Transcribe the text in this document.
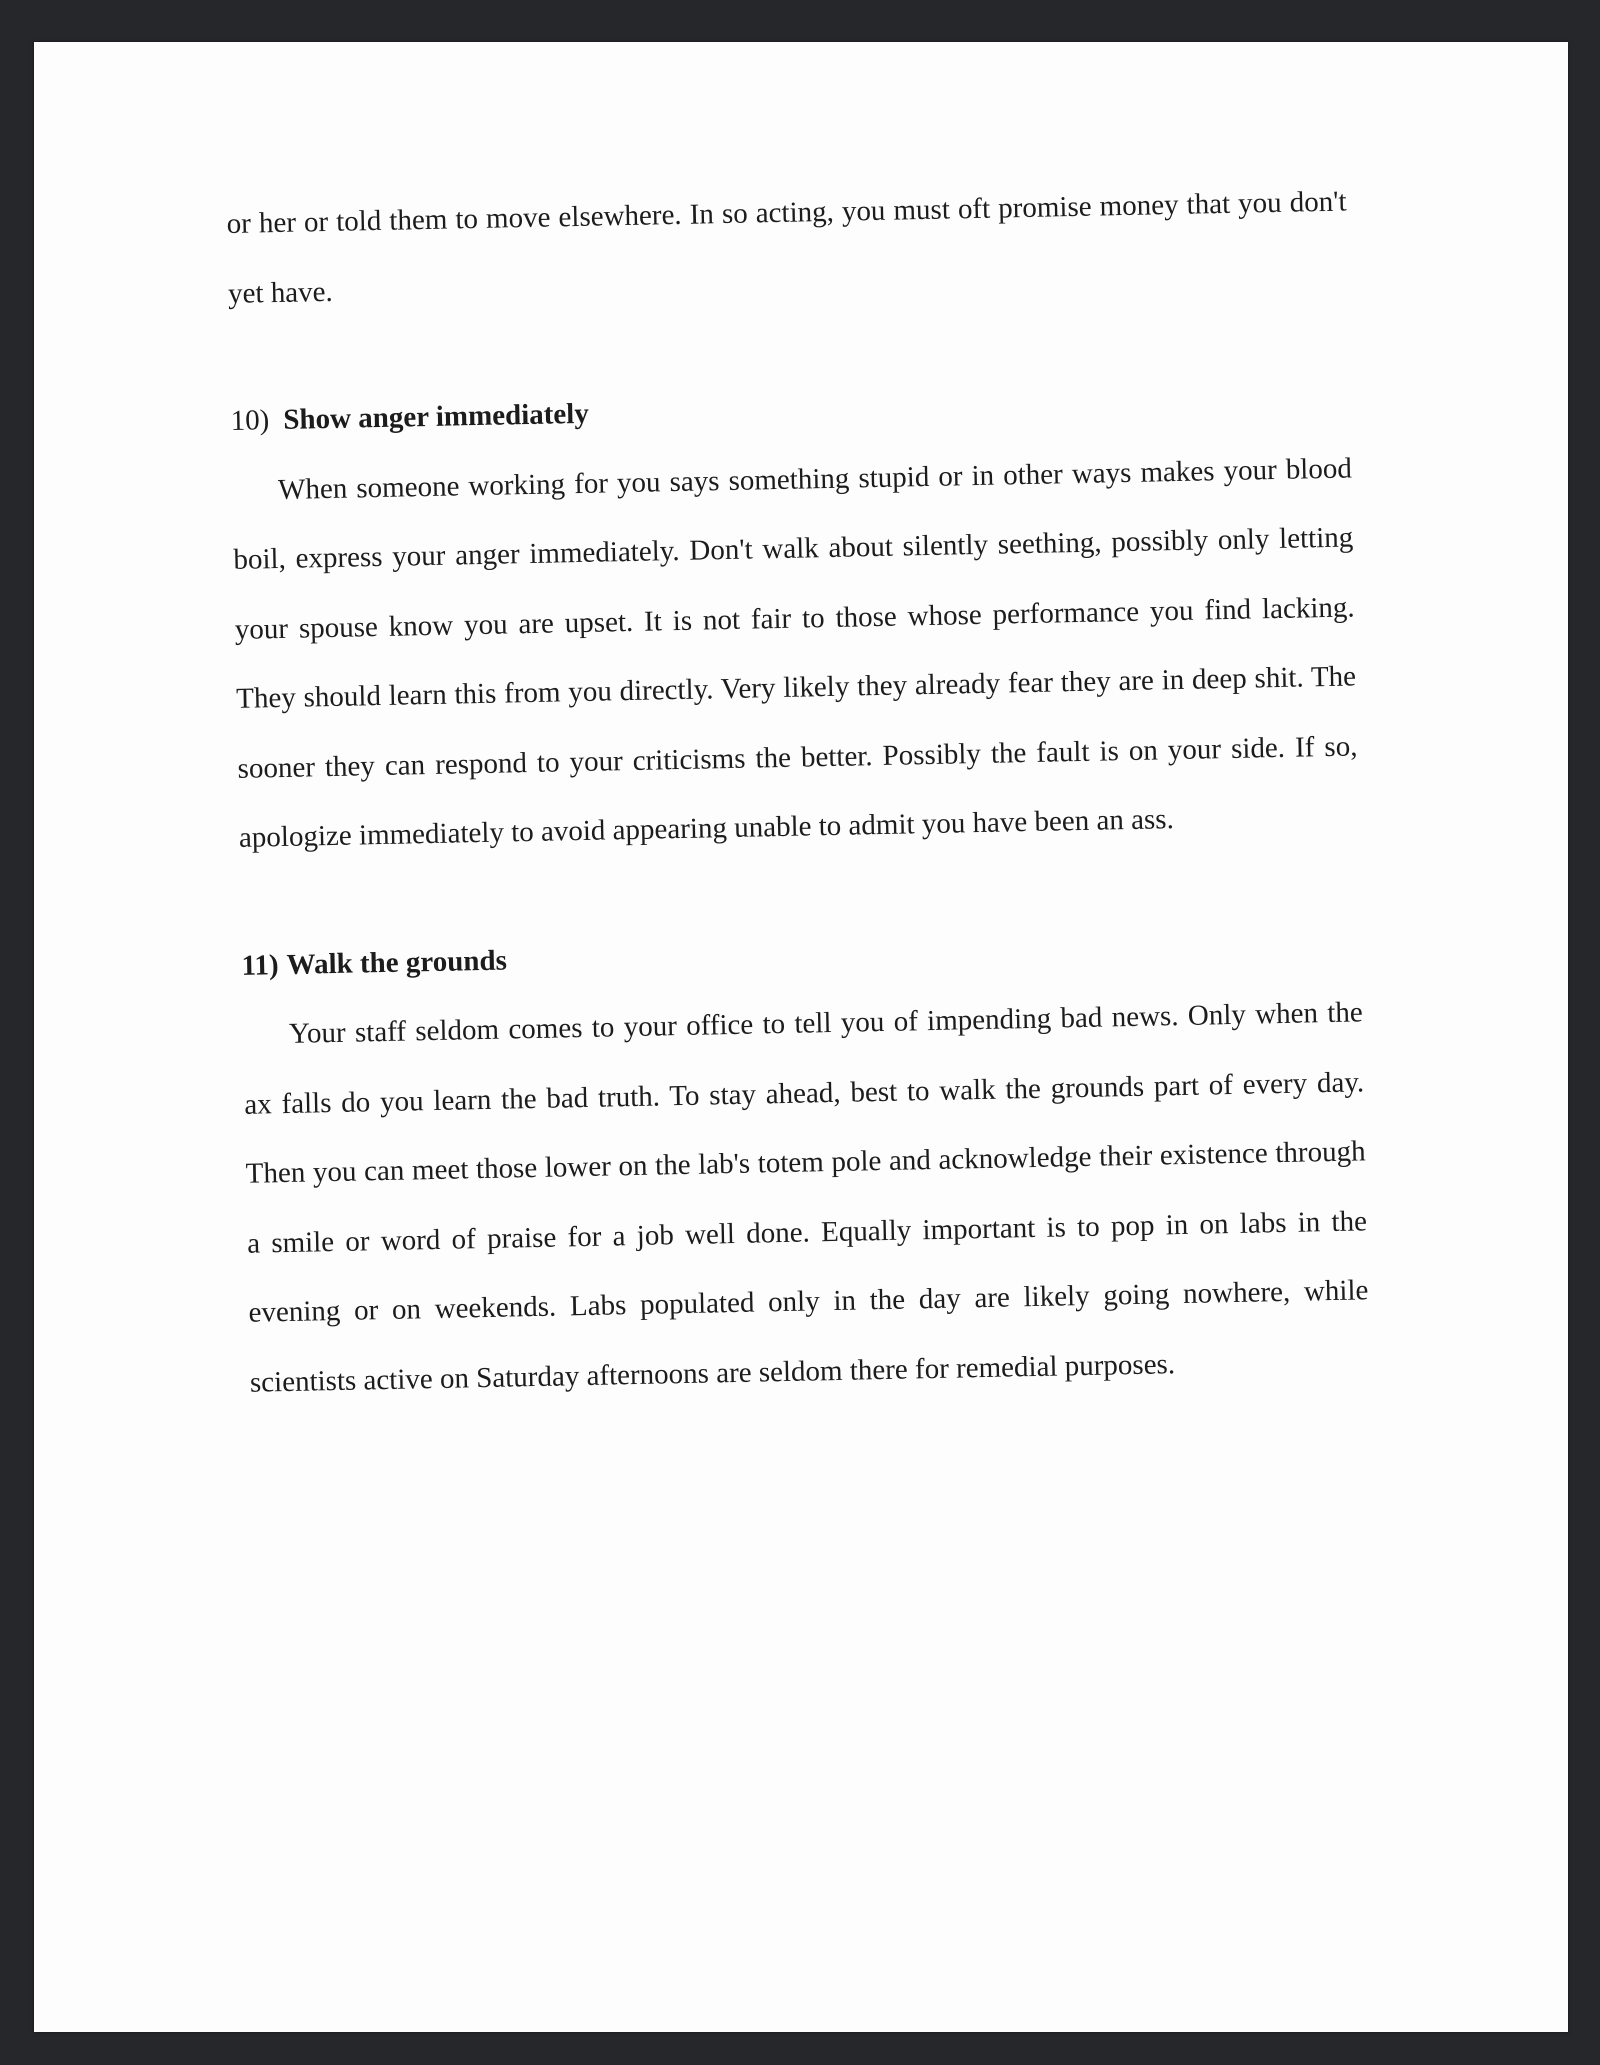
or her or told them to move elsewhere. In so acting, you must oft promise money that you don't yet have.

10) Show anger immediately

When someone working for you says something stupid or in other ways makes your blood boil, express your anger immediately. Don't walk about silently seething, possibly only letting your spouse know you are upset. It is not fair to those whose performance you find lacking. They should learn this from you directly. Very likely they already fear they are in deep shit. The sooner they can respond to your criticisms the better. Possibly the fault is on your side. If so, apologize immediately to avoid appearing unable to admit you have been an ass.

11) Walk the grounds

Your staff seldom comes to your office to tell you of impending bad news. Only when the ax falls do you learn the bad truth. To stay ahead, best to walk the grounds part of every day. Then you can meet those lower on the lab's totem pole and acknowledge their existence through a smile or word of praise for a job well done. Equally important is to pop in on labs in the evening or on weekends. Labs populated only in the day are likely going nowhere, while scientists active on Saturday afternoons are seldom there for remedial purposes.
